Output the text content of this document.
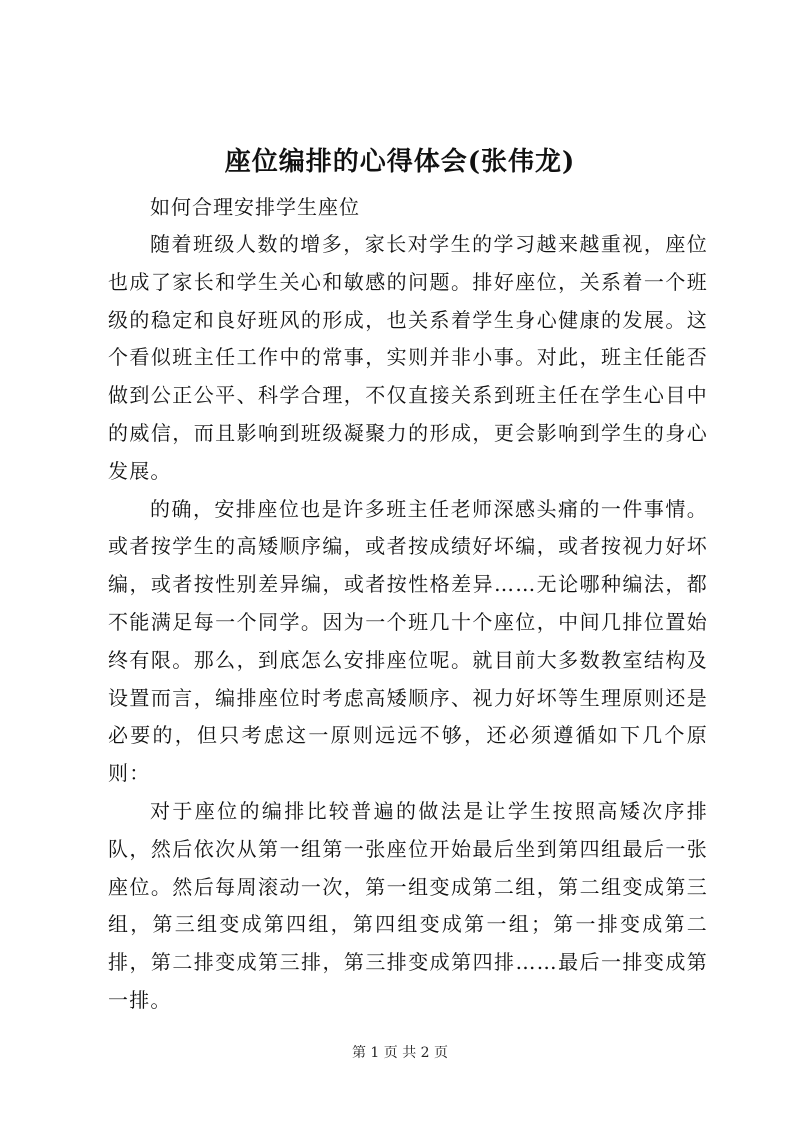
座位编排的心得体会(张伟龙)
如何合理安排学生座位

随着班级人数的增多，家长对学生的学习越来越重视，座位也成了家长和学生关心和敏感的问题。排好座位，关系着一个班级的稳定和良好班风的形成，也关系着学生身心健康的发展。这个看似班主任工作中的常事，实则并非小事。对此，班主任能否做到公正公平、科学合理，不仅直接关系到班主任在学生心目中的威信，而且影响到班级凝聚力的形成，更会影响到学生的身心发展。

的确，安排座位也是许多班主任老师深感头痛的一件事情。或者按学生的高矮顺序编，或者按成绩好坏编，或者按视力好坏编，或者按性别差异编，或者按性格差异……无论哪种编法，都不能满足每一个同学。因为一个班几十个座位，中间几排位置始终有限。那么，到底怎么安排座位呢。就目前大多数教室结构及设置而言，编排座位时考虑高矮顺序、视力好坏等生理原则还是必要的，但只考虑这一原则远远不够，还必须遵循如下几个原则：

对于座位的编排比较普遍的做法是让学生按照高矮次序排队，然后依次从第一组第一张座位开始最后坐到第四组最后一张座位。然后每周滚动一次，第一组变成第二组，第二组变成第三组，第三组变成第四组，第四组变成第一组；第一排变成第二排，第二排变成第三排，第三排变成第四排……最后一排变成第一排。

第 1 页 共 2 页
